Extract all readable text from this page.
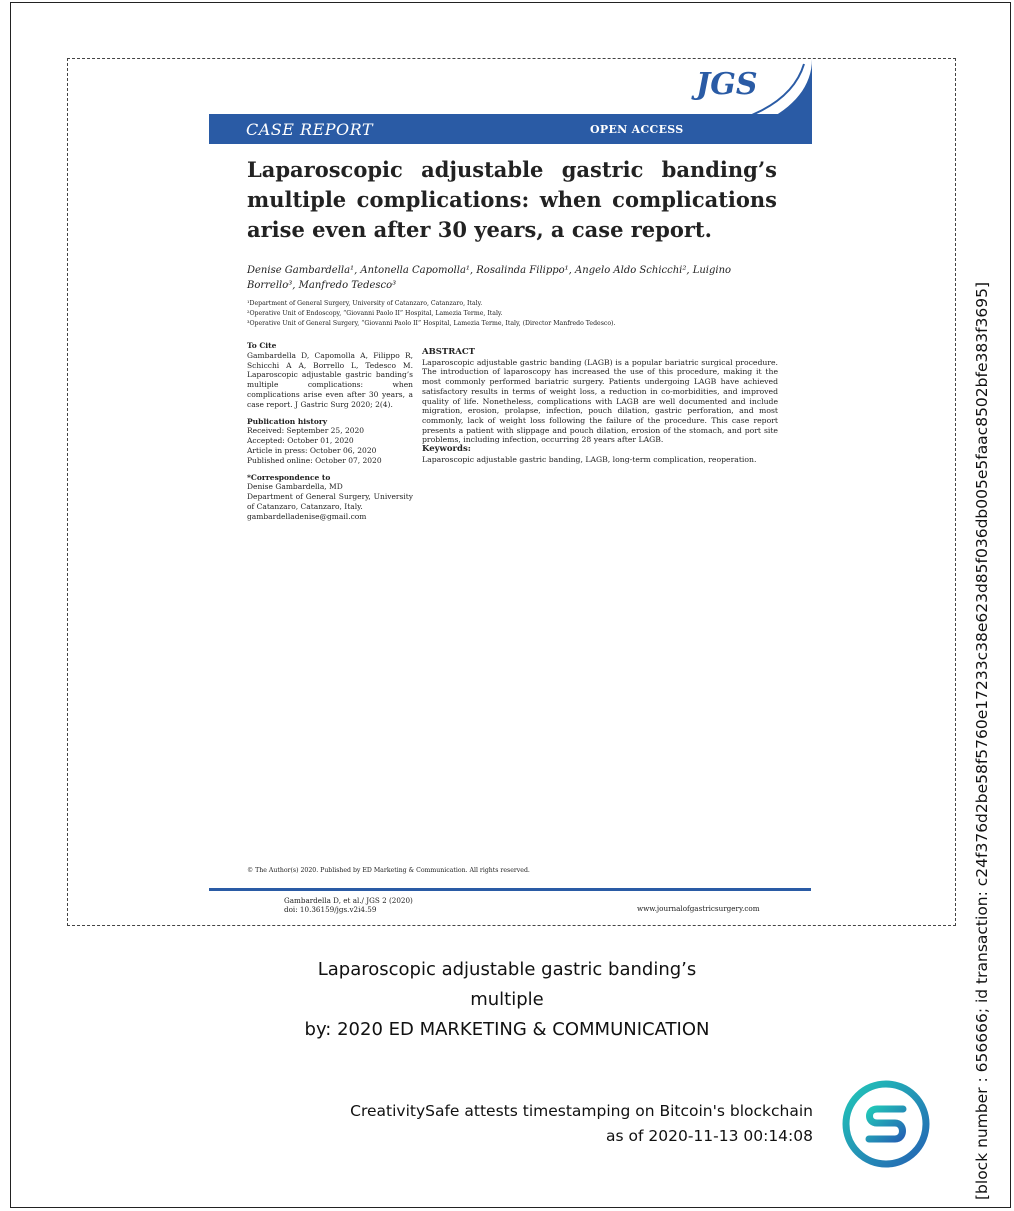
JGS
CASE REPORT	OPEN ACCESS
Laparoscopic adjustable gastric banding’s multiple complications: when complications arise even after 30 years, a case report.
Denise Gambardella¹, Antonella Capomolla¹, Rosalinda Filippo¹, Angelo Aldo Schicchi², Luigino Borrello³, Manfredo Tedesco³
¹Department of General Surgery, University of Catanzaro, Catanzaro, Italy.
²Operative Unit of Endoscopy, “Giovanni Paolo II” Hospital, Lamezia Terme, Italy.
³Operative Unit of General Surgery, “Giovanni Paolo II” Hospital, Lamezia Terme, Italy, (Director Manfredo Tedesco).
To Cite
Gambardella D, Capomolla A, Filippo R, Schicchi A A, Borrello L, Tedesco M. Laparoscopic adjustable gastric banding’s multiple complications: when complications arise even after 30 years, a case report. J Gastric Surg 2020; 2(4).
Publication history
Received: September 25, 2020
Accepted: October 01, 2020
Article in press: October 06, 2020
Published online: October 07, 2020
*Correspondence to
Denise Gambardella, MD
Department of General Surgery, University of Catanzaro, Catanzaro, Italy.
gambardelladenise@gmail.com
ABSTRACT
Laparoscopic adjustable gastric banding (LAGB) is a popular bariatric surgical procedure. The introduction of laparoscopy has increased the use of this procedure, making it the most commonly performed bariatric surgery. Patients undergoing LAGB have achieved satisfactory results in terms of weight loss, a reduction in co-morbidities, and improved quality of life. Nonetheless, complications with LAGB are well documented and include migration, erosion, prolapse, infection, pouch dilation, gastric perforation, and most commonly, lack of weight loss following the failure of the procedure. This case report presents a patient with slippage and pouch dilation, erosion of the stomach, and port site problems, including infection, occurring 28 years after LAGB.
Keywords:
Laparoscopic adjustable gastric banding, LAGB, long-term complication, reoperation.
© The Author(s) 2020. Published by ED Marketing & Communication. All rights reserved.
Gambardella D, et al./ JGS 2 (2020)
doi: 10.36159/jgs.v2i4.59	www.journalofgastricsurgery.com
Laparoscopic adjustable gastric banding’s
multiple
by: 2020 ED MARKETING & COMMUNICATION
CreativitySafe attests timestamping on Bitcoin's blockchain
as of 2020-11-13 00:14:08	[block number : 656666; id transaction: c24f376d2be58f5760e17233c38e623d85f036db005e5faac8502bfe383f3695]
